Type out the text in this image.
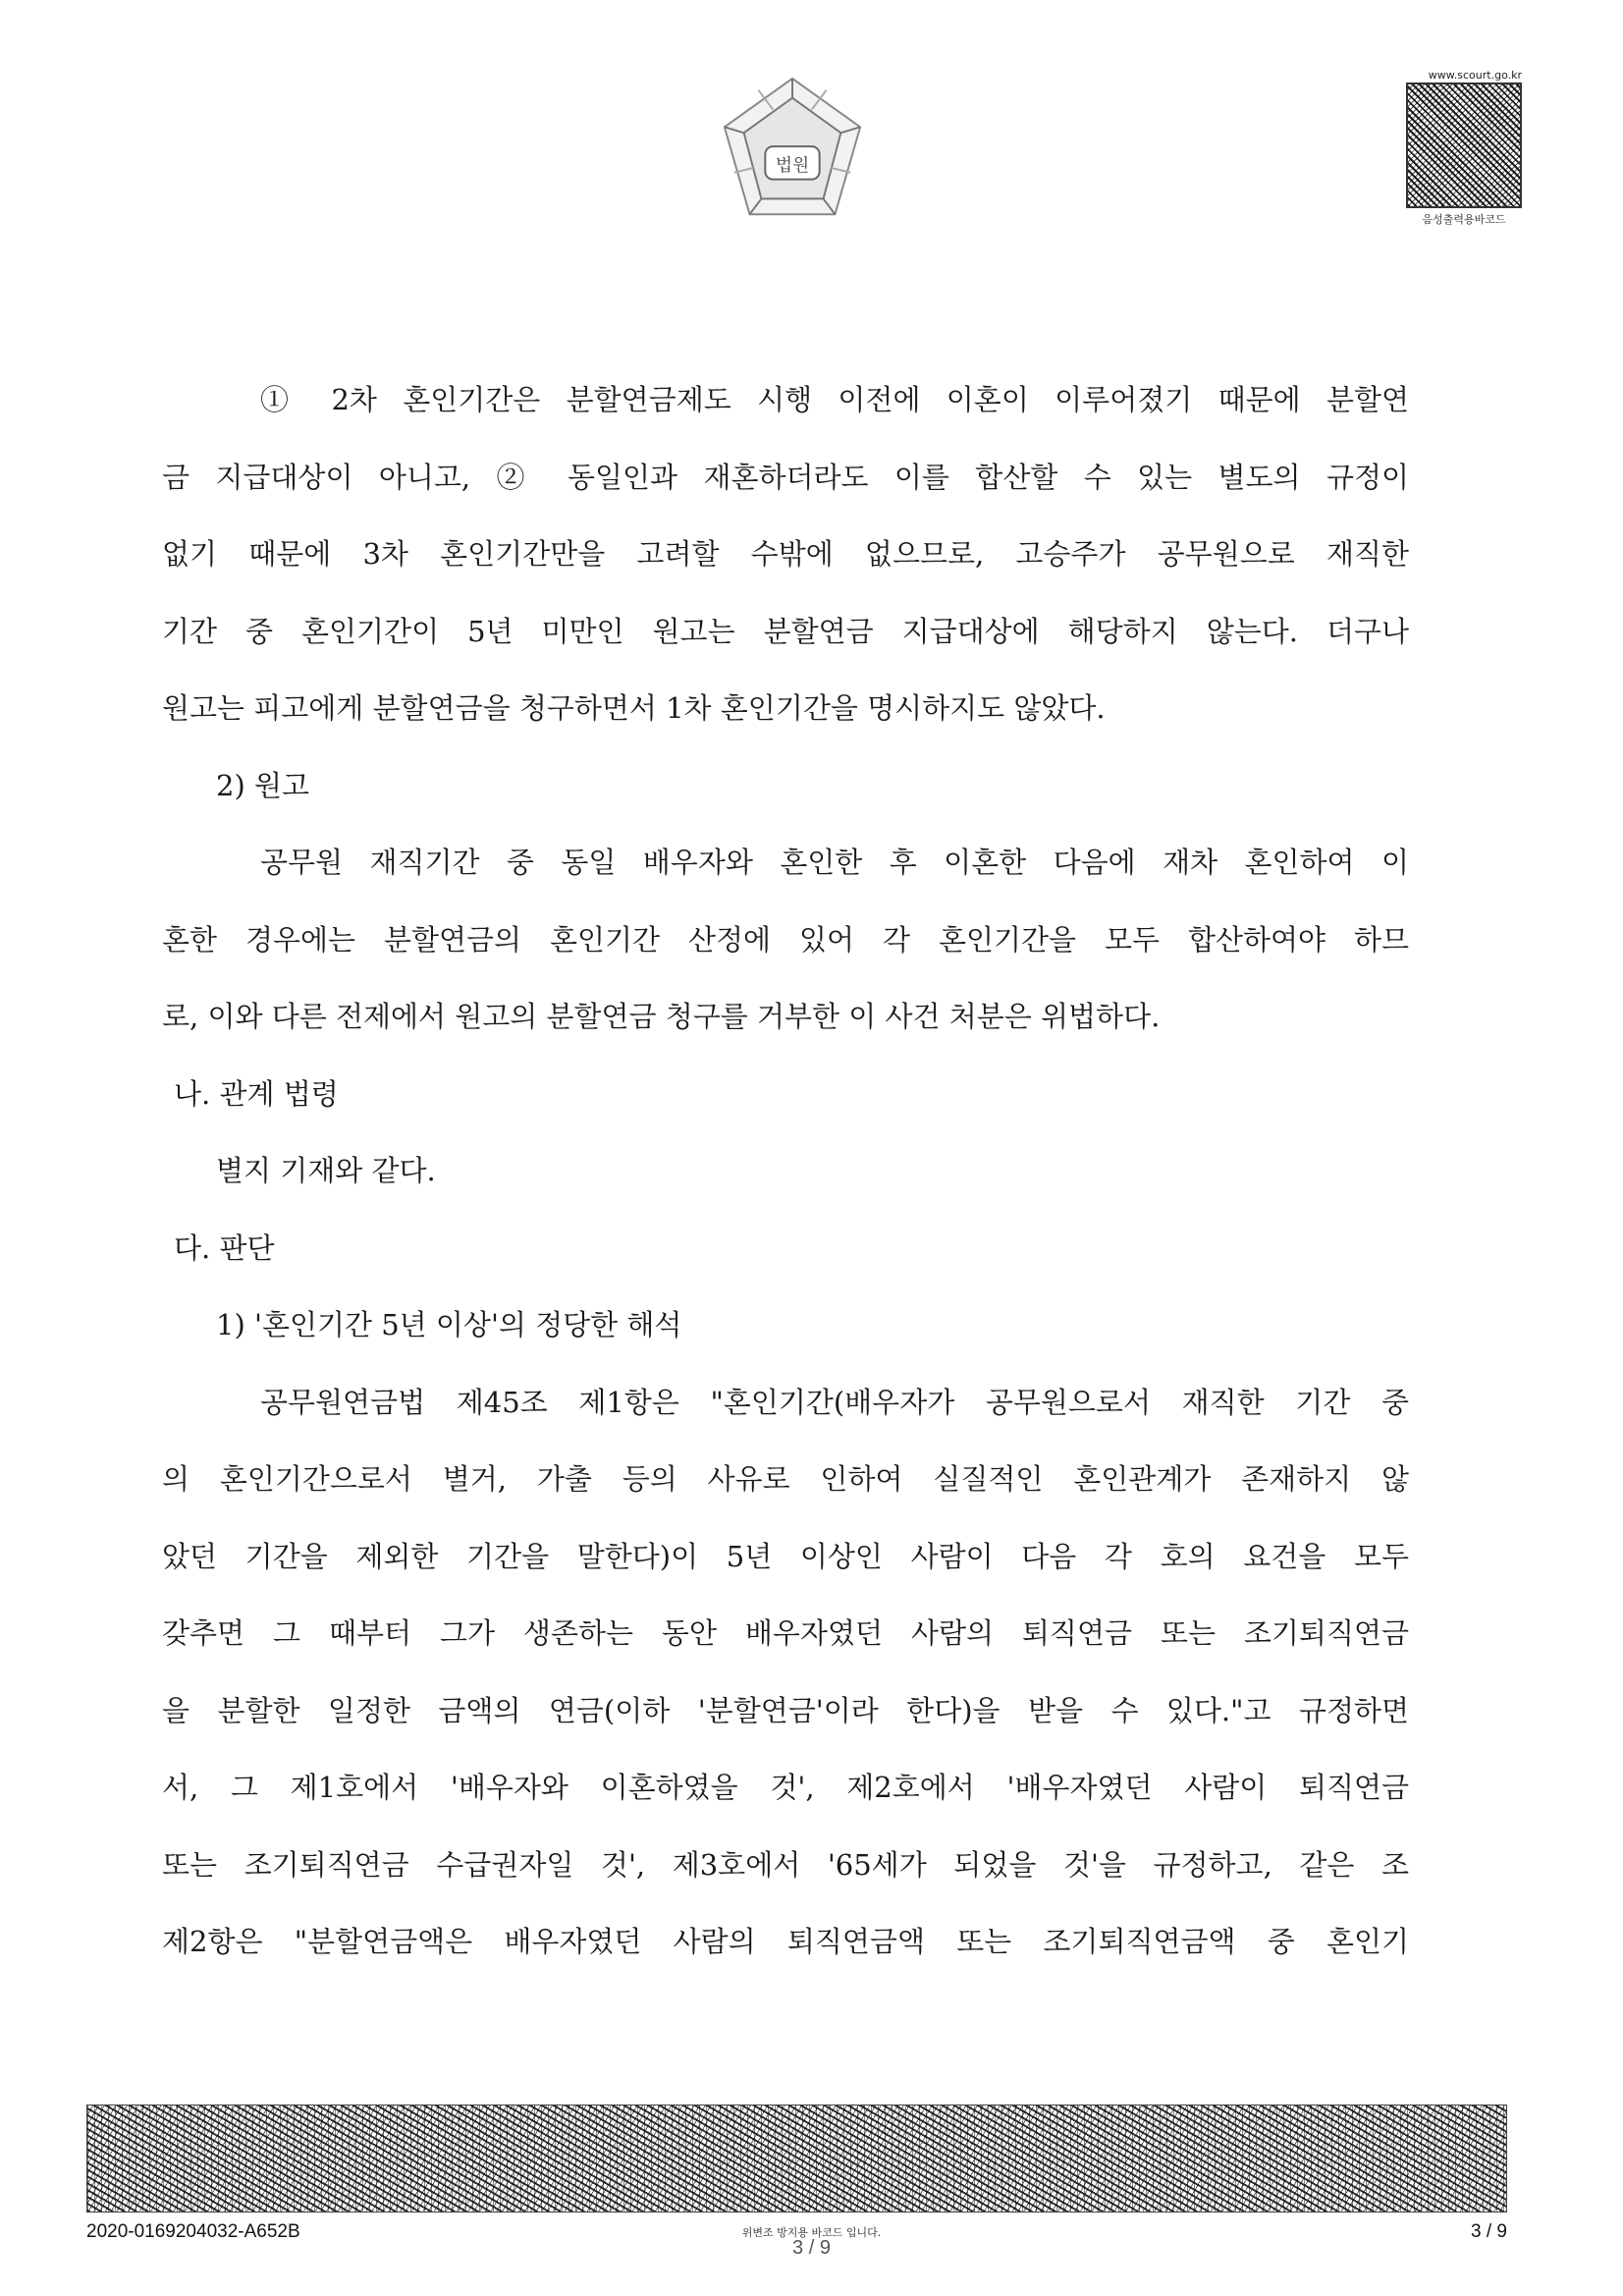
법원
www.scourt.go.kr
음성출력용바코드
① 2차 혼인기간은 분할연금제도 시행 이전에 이혼이 이루어졌기 때문에 분할연
금 지급대상이 아니고, ② 동일인과 재혼하더라도 이를 합산할 수 있는 별도의 규정이
없기 때문에 3차 혼인기간만을 고려할 수밖에 없으므로, 고승주가 공무원으로 재직한
기간 중 혼인기간이 5년 미만인 원고는 분할연금 지급대상에 해당하지 않는다. 더구나
원고는 피고에게 분할연금을 청구하면서 1차 혼인기간을 명시하지도 않았다.
2) 원고
공무원 재직기간 중 동일 배우자와 혼인한 후 이혼한 다음에 재차 혼인하여 이
혼한 경우에는 분할연금의 혼인기간 산정에 있어 각 혼인기간을 모두 합산하여야 하므
로, 이와 다른 전제에서 원고의 분할연금 청구를 거부한 이 사건 처분은 위법하다.
나. 관계 법령
별지 기재와 같다.
다. 판단
1) '혼인기간 5년 이상'의 정당한 해석
공무원연금법 제45조 제1항은 "혼인기간(배우자가 공무원으로서 재직한 기간 중
의 혼인기간으로서 별거, 가출 등의 사유로 인하여 실질적인 혼인관계가 존재하지 않
았던 기간을 제외한 기간을 말한다)이 5년 이상인 사람이 다음 각 호의 요건을 모두
갖추면 그 때부터 그가 생존하는 동안 배우자였던 사람의 퇴직연금 또는 조기퇴직연금
을 분할한 일정한 금액의 연금(이하 '분할연금'이라 한다)을 받을 수 있다."고 규정하면
서, 그 제1호에서 '배우자와 이혼하였을 것', 제2호에서 '배우자였던 사람이 퇴직연금
또는 조기퇴직연금 수급권자일 것', 제3호에서 '65세가 되었을 것'을 규정하고, 같은 조
제2항은 "분할연금액은 배우자였던 사람의 퇴직연금액 또는 조기퇴직연금액 중 혼인기
2020-0169204032-A652B	위변조 방지용 바코드 입니다.
3 / 9
3 / 9
